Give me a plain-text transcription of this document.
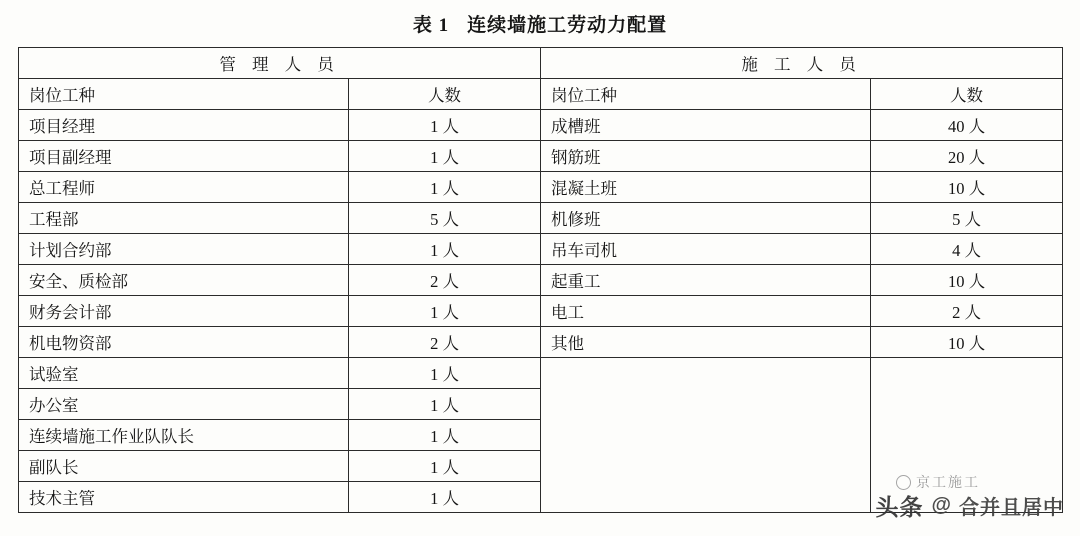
表 1 连续墙施工劳动力配置
管 理 人 员		施 工 人 员	
岗位工种	人数	岗位工种	人数
项目经理	1 人	成槽班	40 人
项目副经理	1 人	钢筋班	20 人
总工程师	1 人	混凝土班	10 人
工程部	5 人	机修班	5 人
计划合约部	1 人	吊车司机	4 人
安全、质检部	2 人	起重工	10 人
财务会计部	1 人	电工	2 人
机电物资部	2 人	其他	10 人
试验室	1 人		
办公室	1 人		
连续墙施工作业队队长	1 人		
副队长	1 人		
技术主管	1 人		
京工施工
头条 @ 合并且居中
